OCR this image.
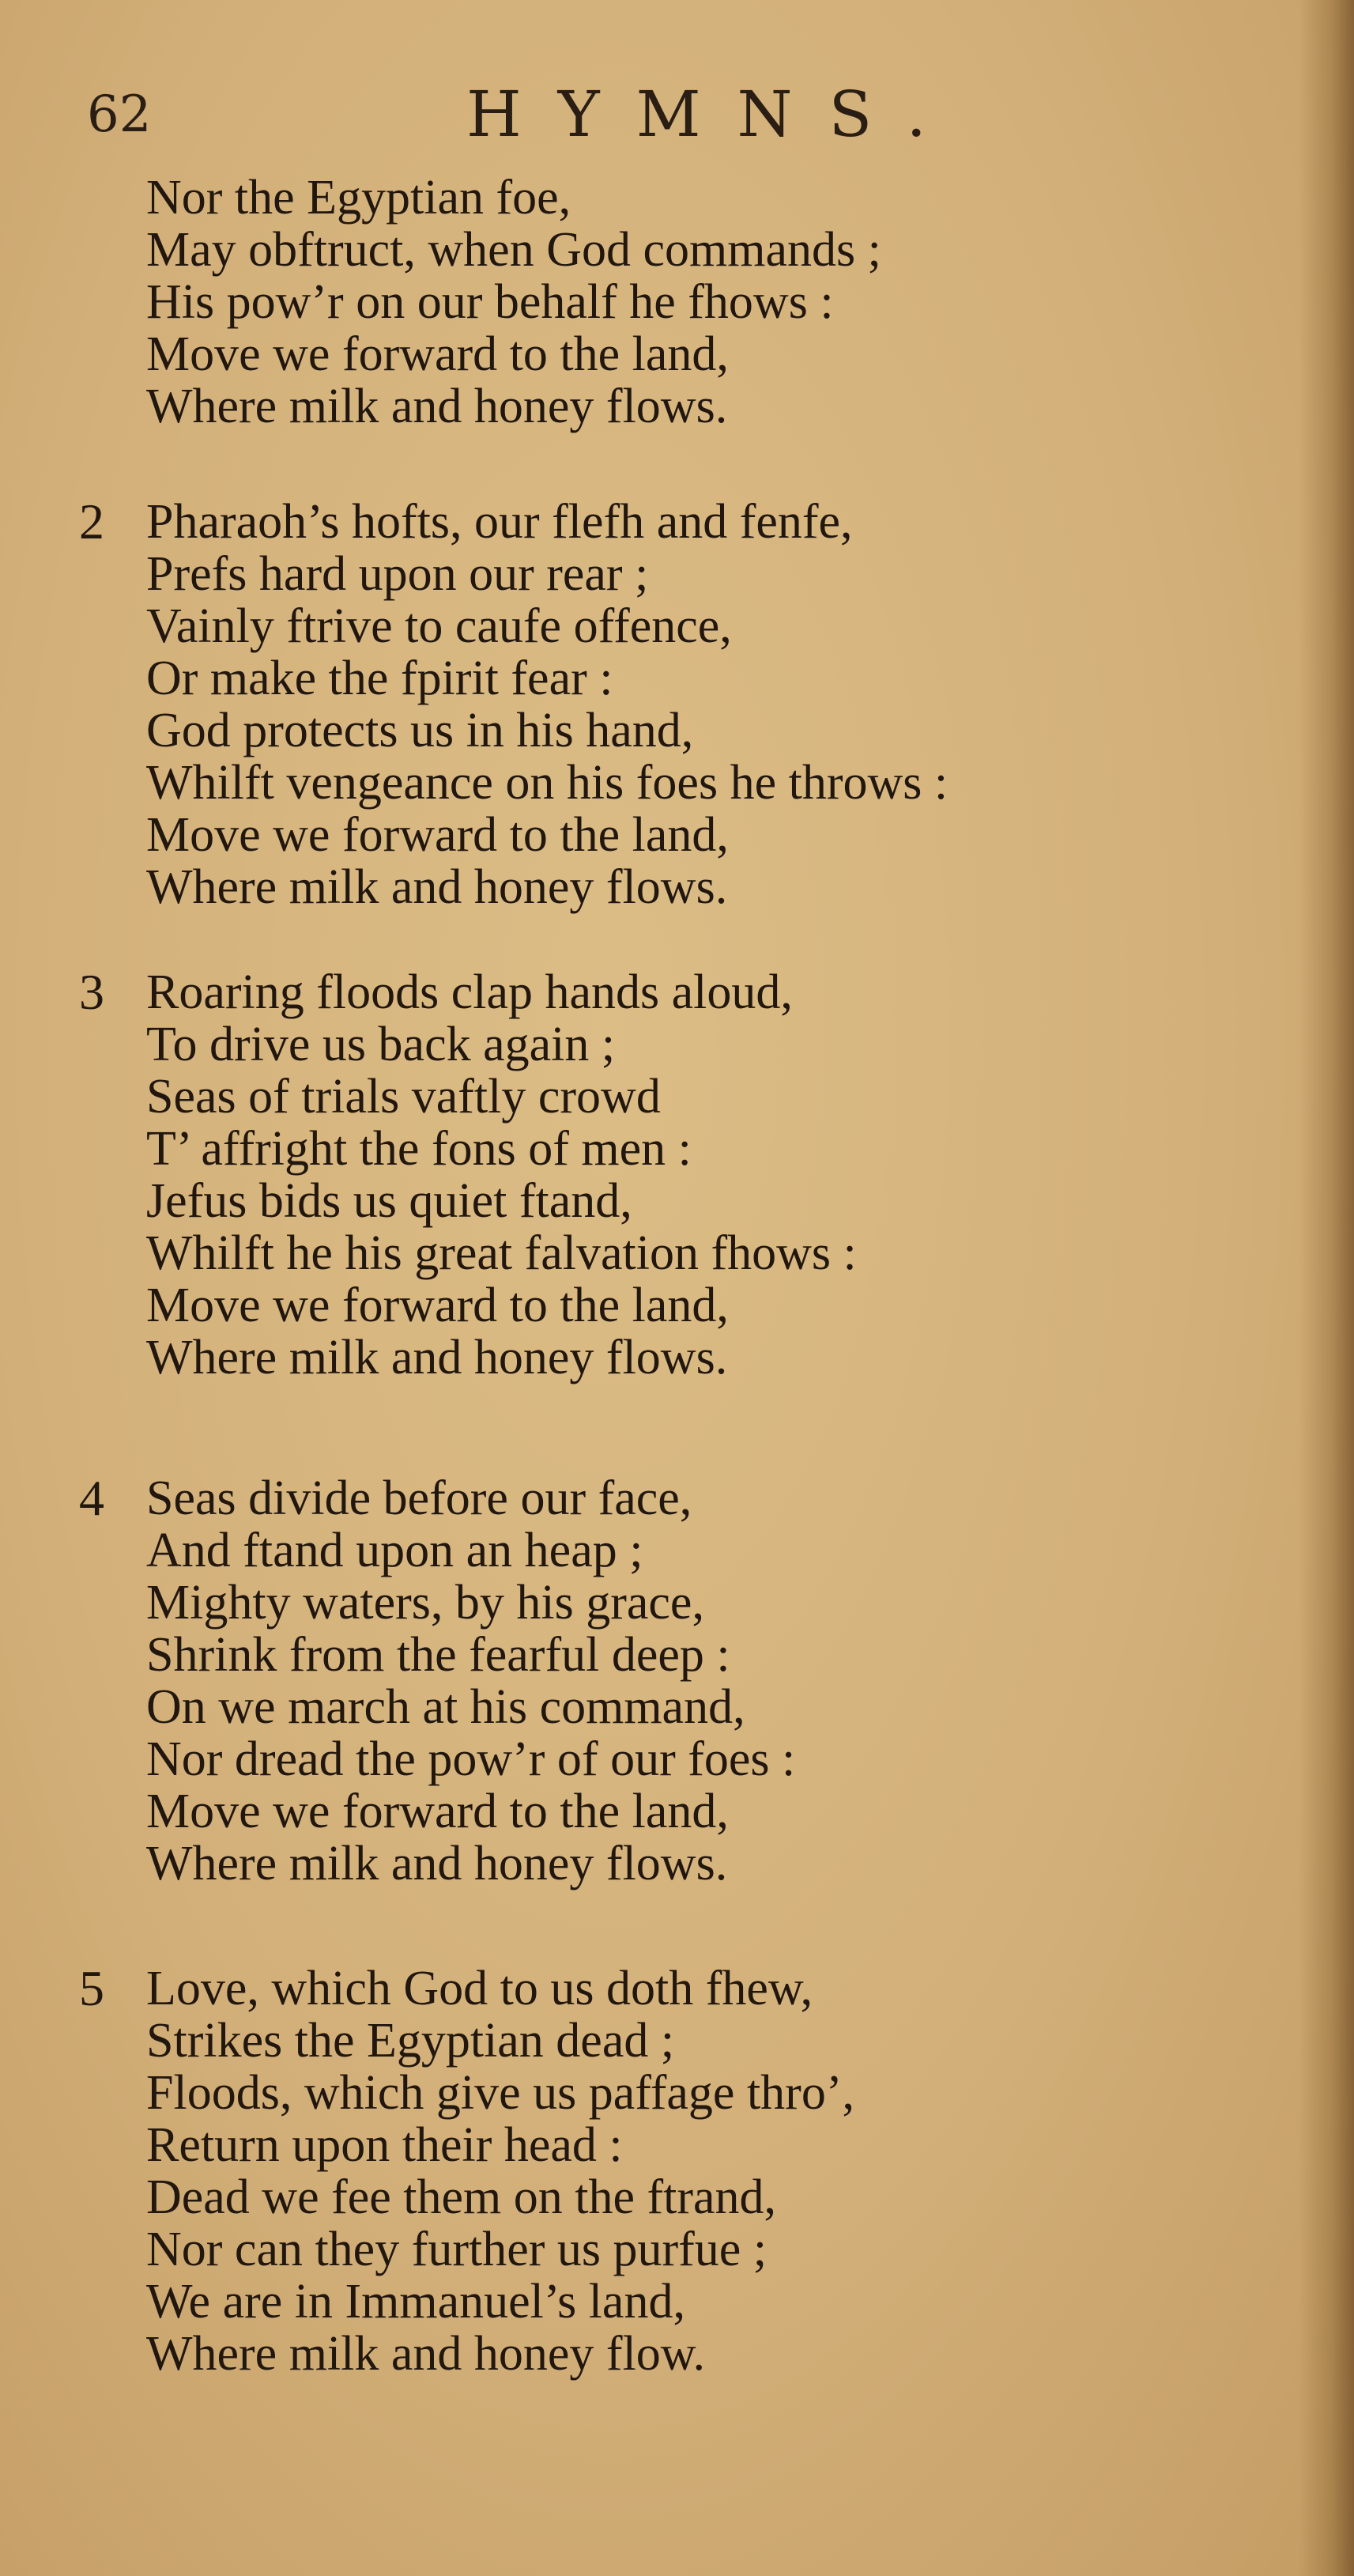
62	HYMNS.
Nor the Egyptian foe,
May obftruct, when God commands ;
His pow’r on our behalf he fhows :
Move we forward to the land,
Where milk and honey flows.
2 Pharaoh’s hofts, our flefh and fenfe,
Prefs hard upon our rear ;
Vainly ftrive to caufe offence,
Or make the fpirit fear :
God protects us in his hand,
Whilft vengeance on his foes he throws :
Move we forward to the land,
Where milk and honey flows.
3 Roaring floods clap hands aloud,
To drive us back again ;
Seas of trials vaftly crowd
T’ affright the fons of men :
Jefus bids us quiet ftand,
Whilft he his great falvation fhows :
Move we forward to the land,
Where milk and honey flows.
4 Seas divide before our face,
And ftand upon an heap ;
Mighty waters, by his grace,
Shrink from the fearful deep :
On we march at his command,
Nor dread the pow’r of our foes :
Move we forward to the land,
Where milk and honey flows.
5 Love, which God to us doth fhew,
Strikes the Egyptian dead ;
Floods, which give us paffage thro’,
Return upon their head :
Dead we fee them on the ftrand,
Nor can they further us purfue ;
We are in Immanuel’s land,
Where milk and honey flow.
